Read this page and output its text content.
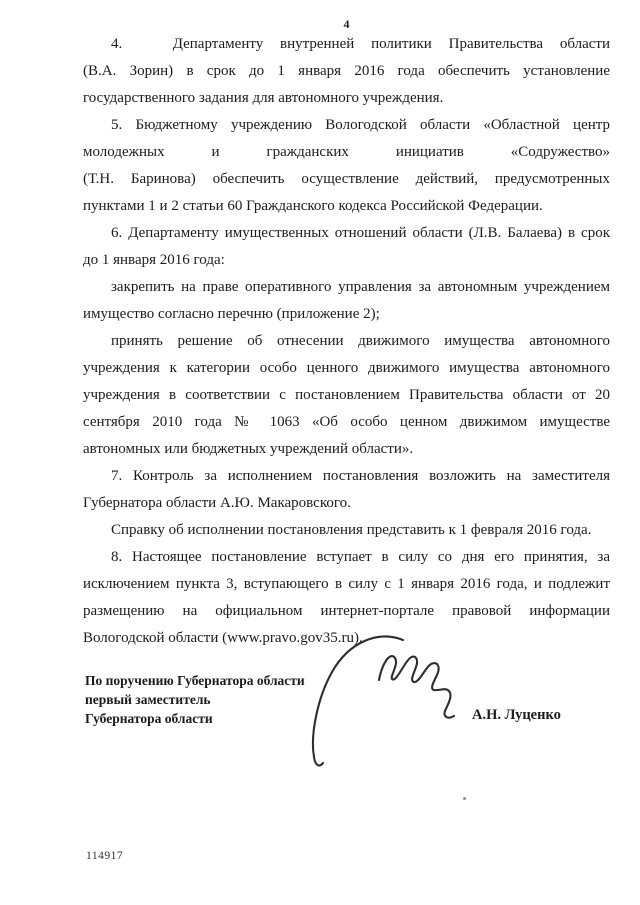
4
4.   Департаменту внутренней политики Правительства области
(В.А. Зорин) в срок до 1 января 2016 года обеспечить установление
государственного задания для автономного учреждения.
5. Бюджетному учреждению Вологодской области «Областной центр
молодежных и гражданских инициатив «Содружество»
(Т.Н. Баринова) обеспечить осуществление действий, предусмотренных
пунктами 1 и 2 статьи 60 Гражданского кодекса Российской Федерации.
6. Департаменту имущественных отношений области (Л.В. Балаева) в срок
до 1 января 2016 года:
закрепить на праве оперативного управления за автономным учреждением
имущество согласно перечню (приложение 2);
принять решение об отнесении движимого имущества автономного
учреждения к категории особо ценного движимого имущества автономного
учреждения в соответствии с постановлением Правительства области от 20
сентября 2010 года № 1063 «Об особо ценном движимом имуществе
автономных или бюджетных учреждений области».
7. Контроль за исполнением постановления возложить на заместителя
Губернатора области А.Ю. Макаровского.
Справку об исполнении постановления представить к 1 февраля 2016 года.
8. Настоящее постановление вступает в силу со дня его принятия, за
исключением пункта 3, вступающего в силу с 1 января 2016 года, и подлежит
размещению на официальном интернет-портале правовой информации
Вологодской области (www.pravo.gov35.ru).
По поручению Губернатора области
первый заместитель
Губернатора области	А.Н. Луценко
114917
